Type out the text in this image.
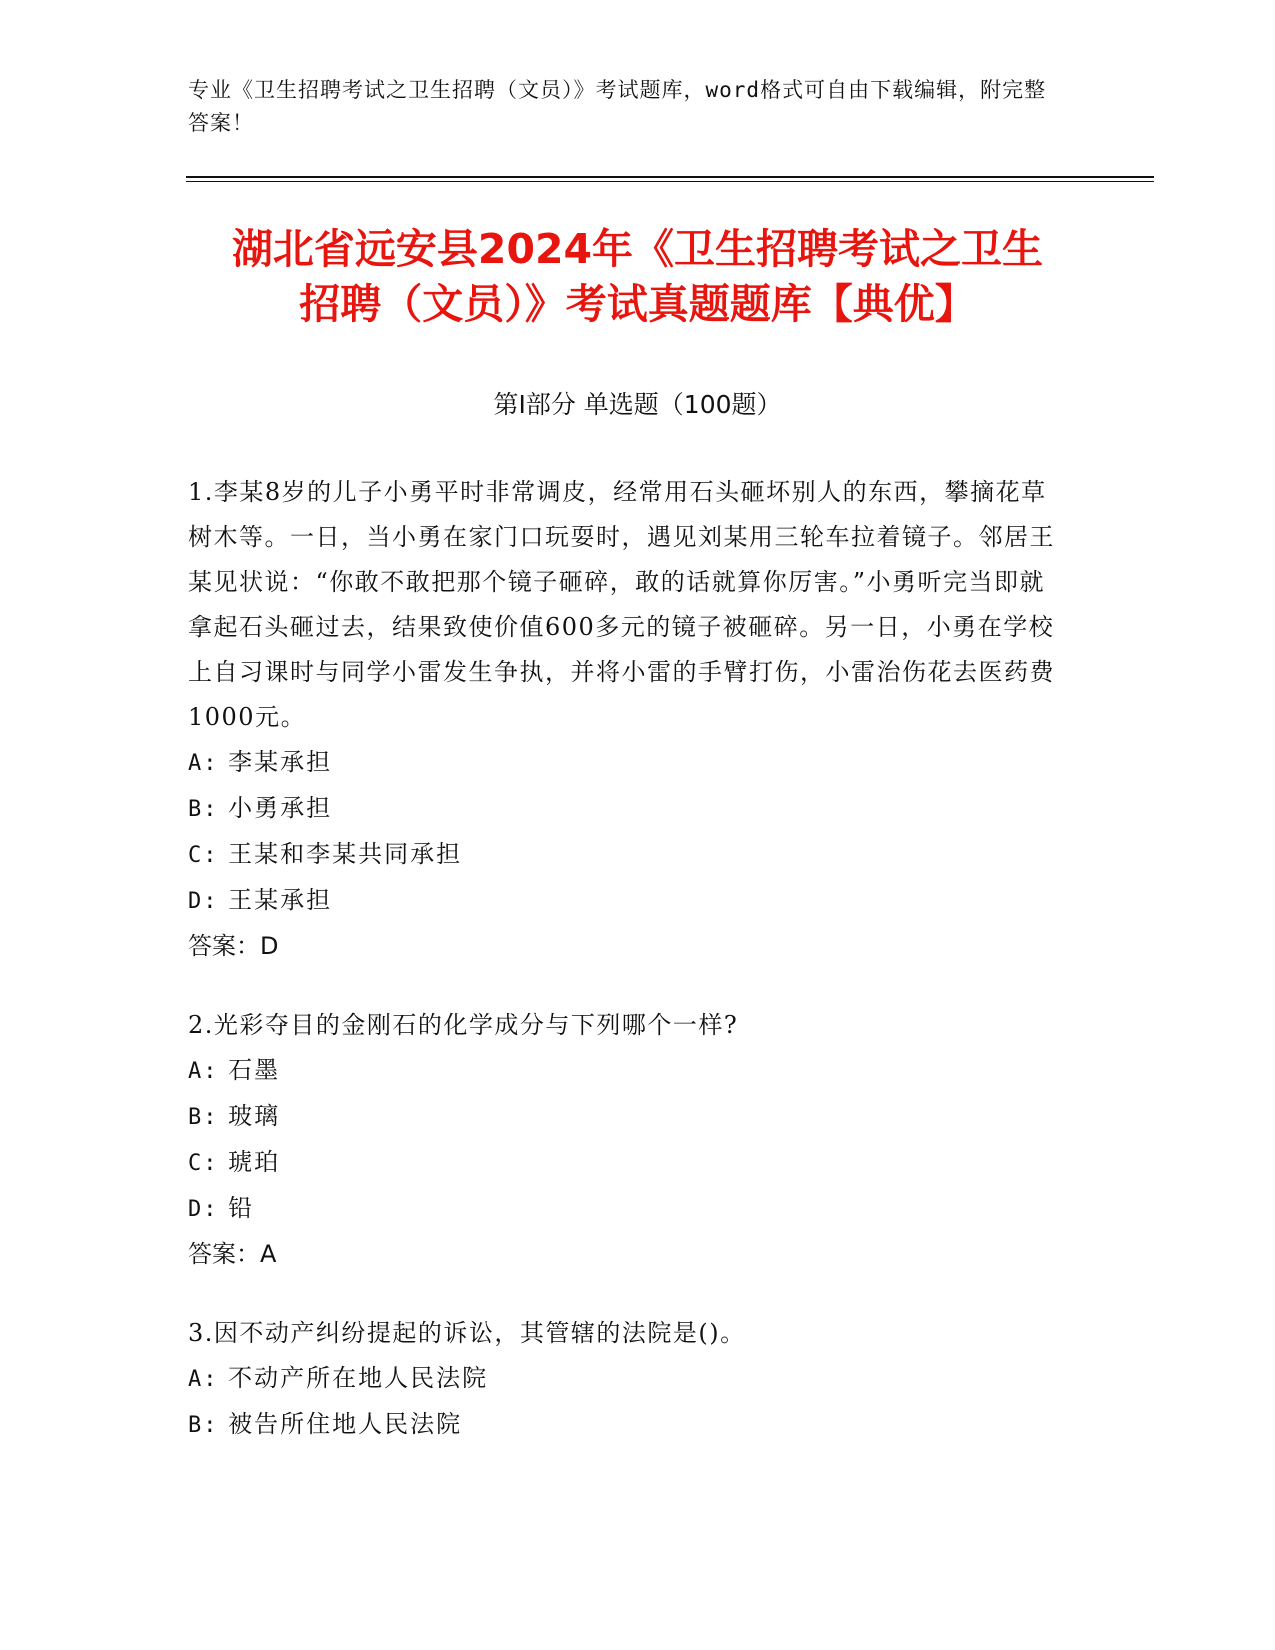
专业《卫生招聘考试之卫生招聘（文员）》考试题库，word格式可自由下载编辑，附完整答案！
湖北省远安县2024年《卫生招聘考试之卫生
招聘（文员）》考试真题题库【典优】
第I部分 单选题（100题）

1.李某8岁的儿子小勇平时非常调皮，经常用石头砸坏别人的东西，攀摘花草树木等。一日，当小勇在家门口玩耍时，遇见刘某用三轮车拉着镜子。邻居王某见状说：“你敢不敢把那个镜子砸碎，敢的话就算你厉害。”小勇听完当即就拿起石头砸过去，结果致使价值600多元的镜子被砸碎。另一日，小勇在学校上自习课时与同学小雷发生争执，并将小雷的手臂打伤，小雷治伤花去医药费1000元。

A: 李某承担

B: 小勇承担

C: 王某和李某共同承担

D: 王某承担

答案：D

2.光彩夺目的金刚石的化学成分与下列哪个一样?

A: 石墨

B: 玻璃

C: 琥珀

D: 铅

答案：A

3.因不动产纠纷提起的诉讼，其管辖的法院是()。

A: 不动产所在地人民法院

B: 被告所住地人民法院
